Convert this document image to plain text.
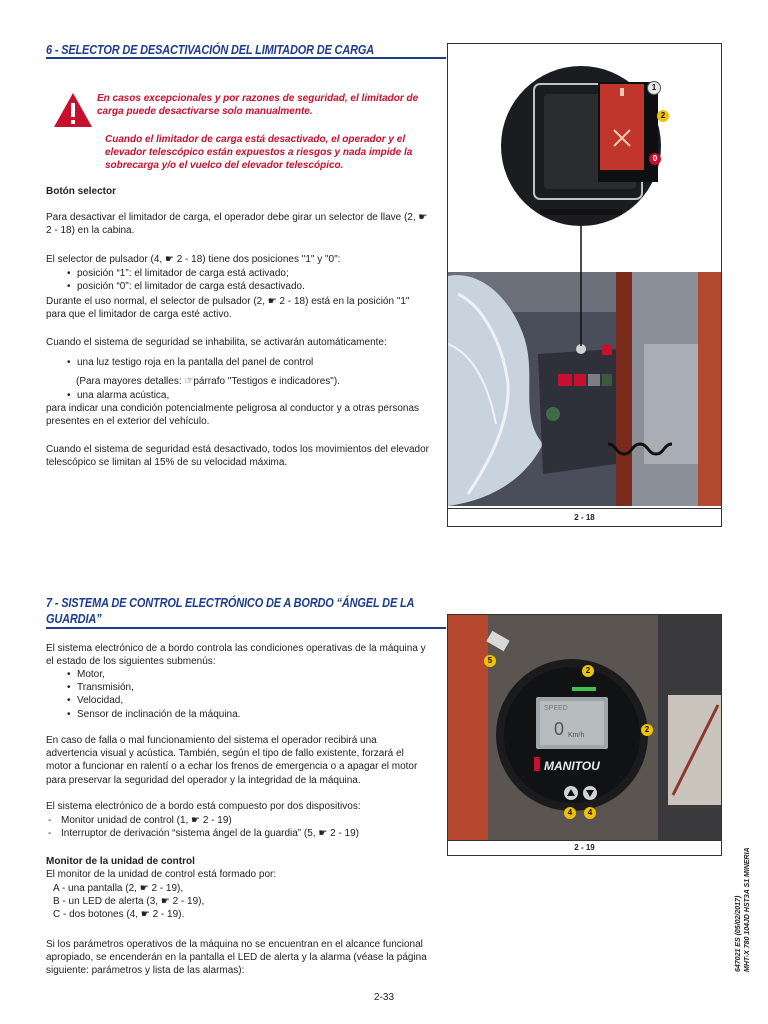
6 - SELECTOR DE DESACTIVACIÓN DEL LIMITADOR DE CARGA
En casos excepcionales y por razones de seguridad, el limitador de carga puede desactivarse solo manualmente.
Cuando el limitador de carga está desactivado, el operador y el elevador telescópico están expuestos a riesgos y nada impide la sobrecarga y/o el vuelco del elevador telescópico.
Botón selector
Para desactivar el limitador de carga, el operador debe girar un selector de llave (2, ☛ 2 - 18) en la cabina.
El selector de pulsador (4, ☛ 2 - 18) tiene dos posiciones "1" y "0":
• posición “1”: el limitador de carga está activado;
• posición “0”: el limitador de carga está desactivado.
Durante el uso normal, el selector de pulsador (2, ☛ 2 - 18) está en la posición "1" para que el limitador de carga esté activo.
Cuando el sistema de seguridad se inhabilita, se activarán automáticamente:
• una luz testigo roja en la pantalla del panel de control
(Para mayores detalles: ☞párrafo "Testigos e indicadores").
• una alarma acústica,
para indicar una condición potencialmente peligrosa al conductor y a otras personas presentes en el exterior del vehículo.
Cuando el sistema de seguridad está desactivado, todos los movimientos del elevador telescópico se limitan al 15% de su velocidad máxima.
1
2
0
2 - 18
7 - SISTEMA DE CONTROL ELECTRÓNICO DE A BORDO “ÁNGEL DE LA GUARDIA”
El sistema electrónico de a bordo controla las condiciones operativas de la máquina y el estado de los siguientes submenús:
• Motor,
• Transmisión,
• Velocidad,
• Sensor de inclinación de la máquina.
En caso de falla o mal funcionamiento del sistema el operador recibirá una advertencia visual y acústica. También, según el tipo de fallo existente, forzará el motor a funcionar en ralentí o a echar los frenos de emergencia o a apagar el motor para preservar la seguridad del operador y la integridad de la máquina.
El sistema electrónico de a bordo está compuesto por dos dispositivos:
- Monitor unidad de control (1, ☛ 2 - 19)
- Interruptor de derivación “sistema ángel de la guardia” (5, ☛ 2 - 19)
Monitor de la unidad de control
El monitor de la unidad de control está formado por:
A - una pantalla (2, ☛ 2 - 19),
B - un LED de alerta (3, ☛ 2 - 19),
C - dos botones (4, ☛ 2 - 19).
Si los parámetros operativos de la máquina no se encuentran en el alcance funcional apropiado, se encenderán en la pantalla el LED de alerta y la alarma (véase la página siguiente: parámetros y lista de las alarmas):
SPEED
0 Km/h
MANITOU
5
2
2
4	4
2 - 19
2-33
647021 ES (05/02/2017) MHT-X 780 104JD HST3A S1 MINERIA
